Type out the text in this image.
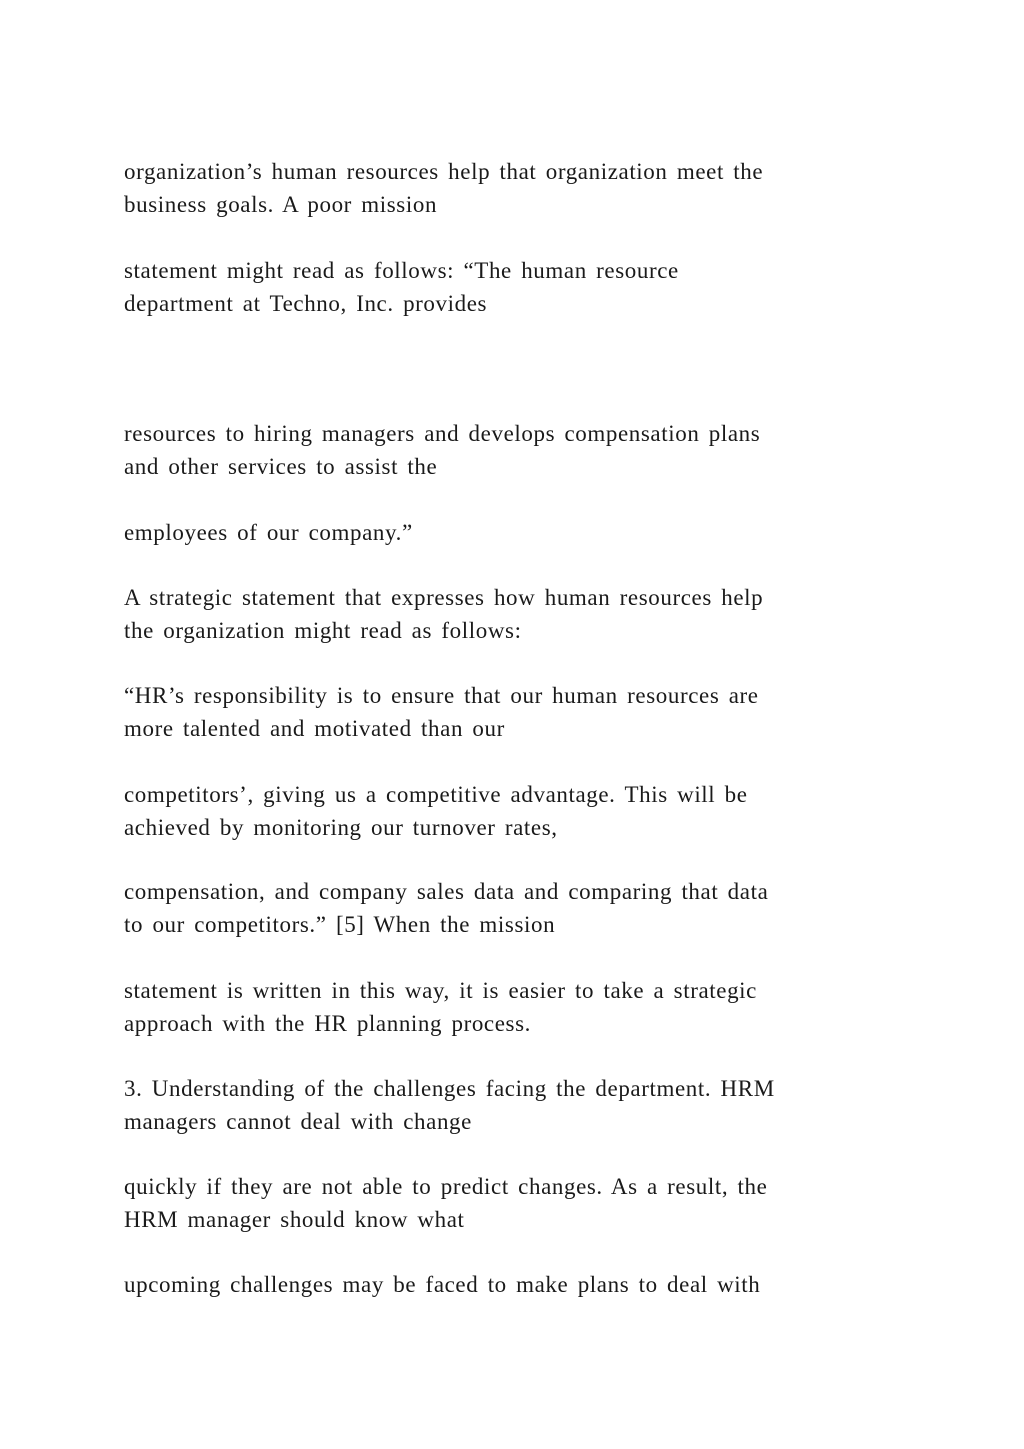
organization’s human resources help that organization meet the
business goals. A poor mission

statement might read as follows: “The human resource
department at Techno, Inc. provides

resources to hiring managers and develops compensation plans
and other services to assist the

employees of our company.”

A strategic statement that expresses how human resources help
the organization might read as follows:

“HR’s responsibility is to ensure that our human resources are
more talented and motivated than our

competitors’, giving us a competitive advantage. This will be
achieved by monitoring our turnover rates,

compensation, and company sales data and comparing that data
to our competitors.” [5] When the mission

statement is written in this way, it is easier to take a strategic
approach with the HR planning process.

3. Understanding of the challenges facing the department. HRM
managers cannot deal with change

quickly if they are not able to predict changes. As a result, the
HRM manager should know what

upcoming challenges may be faced to make plans to deal with
